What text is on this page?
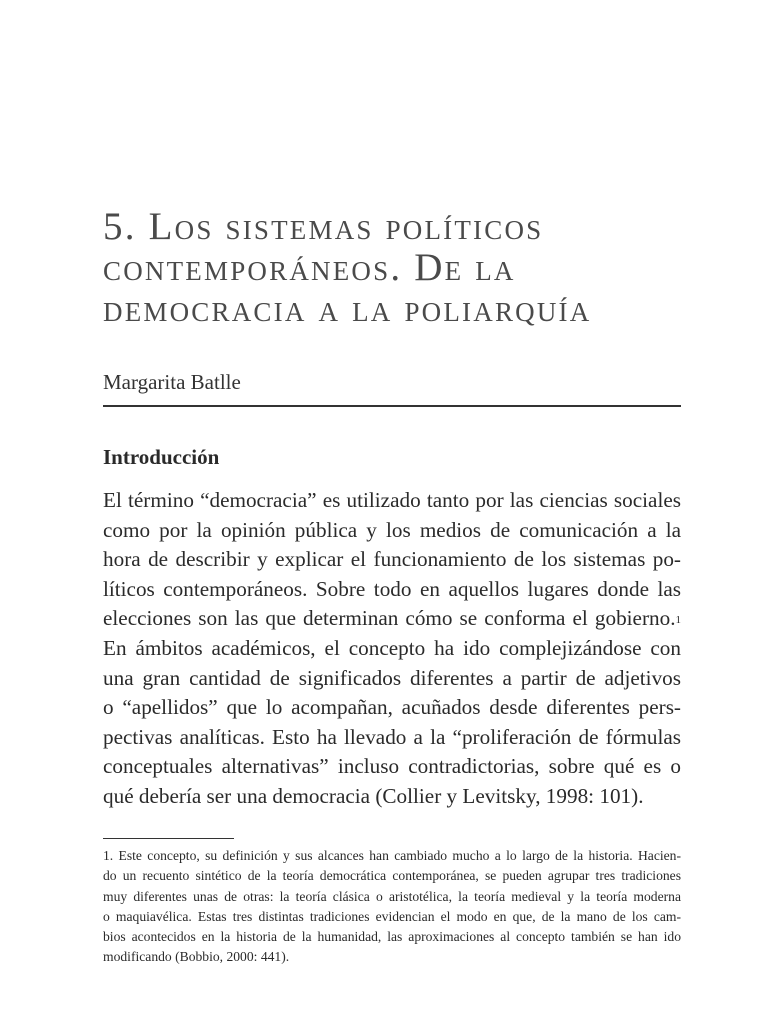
5. Los sistemas políticos
contemporáneos. De la
democracia a la poliarquía

Margarita Batlle

Introducción
El término “democracia” es utilizado tanto por las ciencias sociales
como por la opinión pública y los medios de comunicación a la
hora de describir y explicar el funcionamiento de los sistemas po-
líticos contemporáneos. Sobre todo en aquellos lugares donde las
elecciones son las que determinan cómo se conforma el gobierno.$^1$
En ámbitos académicos, el concepto ha ido complejizándose con
una gran cantidad de significados diferentes a partir de adjetivos
o “apellidos” que lo acompañan, acuñados desde diferentes pers-
pectivas analíticas. Esto ha llevado a la “proliferación de fórmulas
conceptuales alternativas” incluso contradictorias, sobre qué es o
qué debería ser una democracia (Collier y Levitsky, 1998: 101).
1. Este concepto, su definición y sus alcances han cambiado mucho a lo largo de la historia. Hacien-
do un recuento sintético de la teoría democrática contemporánea, se pueden agrupar tres tradiciones
muy diferentes unas de otras: la teoría clásica o aristotélica, la teoría medieval y la teoría moderna
o maquiavélica. Estas tres distintas tradiciones evidencian el modo en que, de la mano de los cam-
bios acontecidos en la historia de la humanidad, las aproximaciones al concepto también se han ido
modificando (Bobbio, 2000: 441).
